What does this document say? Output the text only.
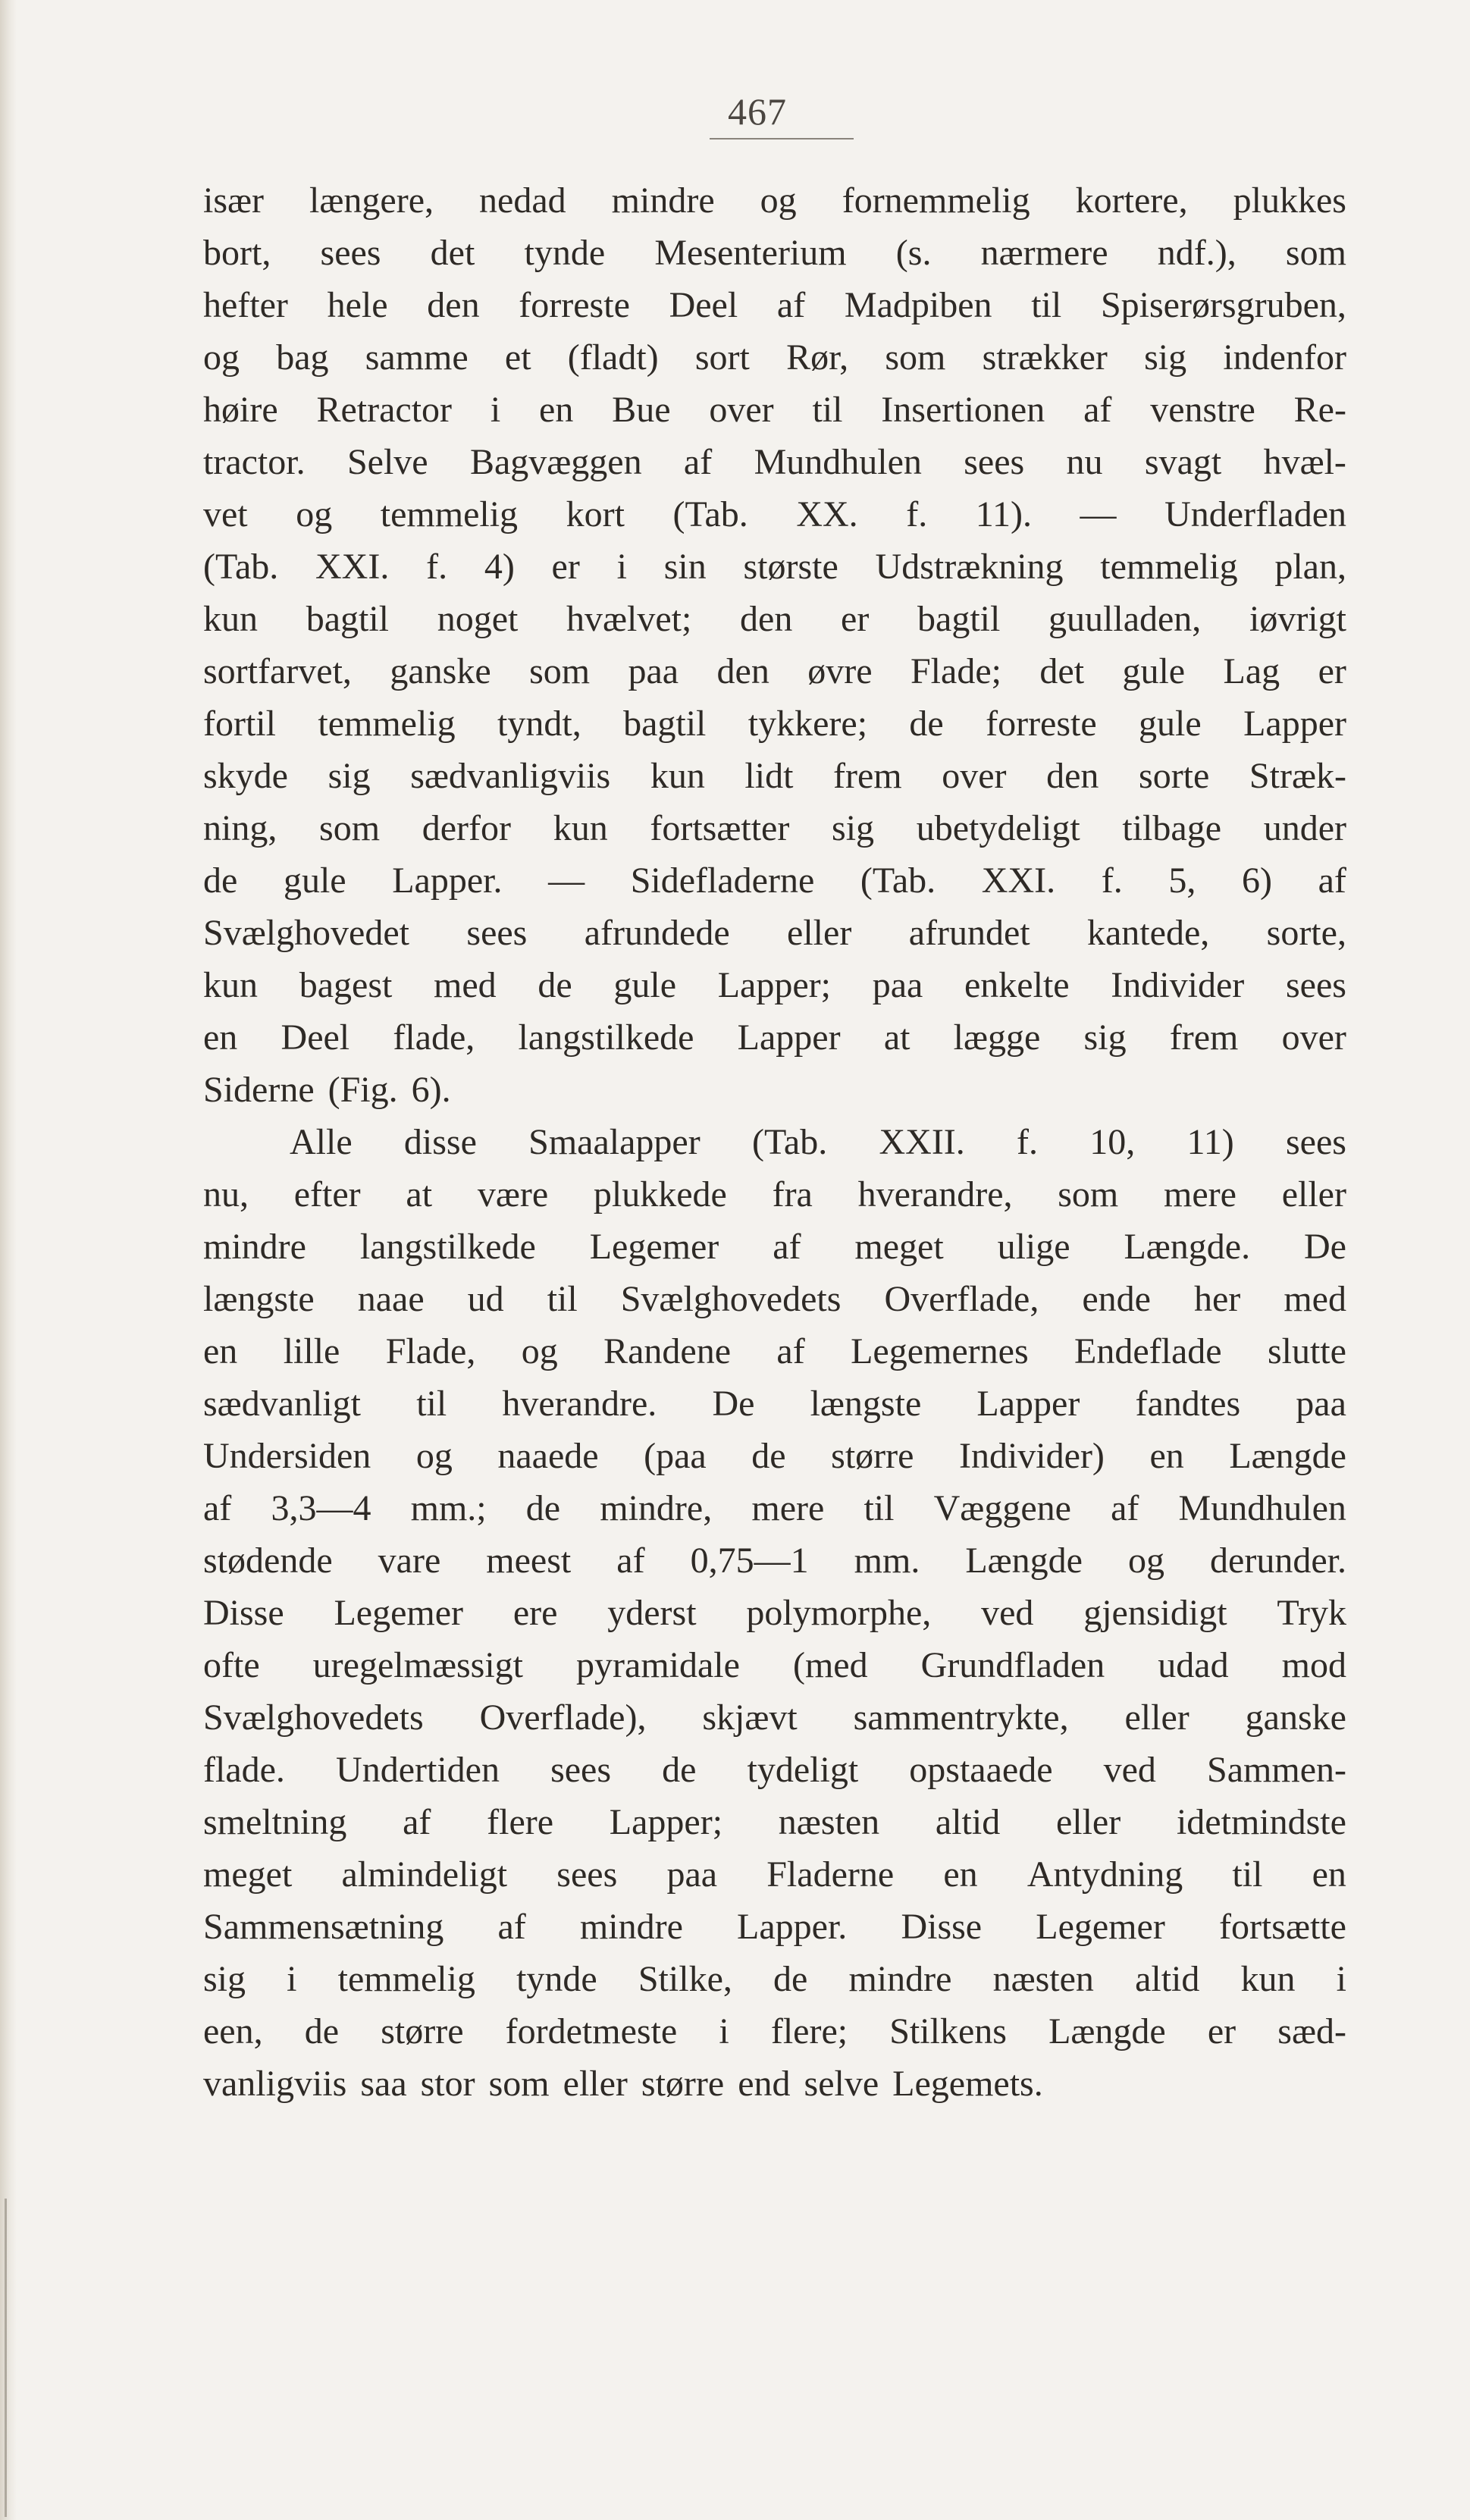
467
især længere, nedad mindre og fornemmelig kortere, plukkes
bort, sees det tynde Mesenterium (s. nærmere ndf.), som
hefter hele den forreste Deel af Madpiben til Spiserørsgruben,
og bag samme et (fladt) sort Rør, som strækker sig indenfor
høire Retractor i en Bue over til Insertionen af venstre Re-
tractor. Selve Bagvæggen af Mundhulen sees nu svagt hvæl-
vet og temmelig kort (Tab. XX. f. 11). — Underfladen
(Tab. XXI. f. 4) er i sin største Udstrækning temmelig plan,
kun bagtil noget hvælvet; den er bagtil guulladen, iøvrigt
sortfarvet, ganske som paa den øvre Flade; det gule Lag er
fortil temmelig tyndt, bagtil tykkere; de forreste gule Lapper
skyde sig sædvanligviis kun lidt frem over den sorte Stræk-
ning, som derfor kun fortsætter sig ubetydeligt tilbage under
de gule Lapper. — Sidefladerne (Tab. XXI. f. 5, 6) af
Svælghovedet sees afrundede eller afrundet kantede, sorte,
kun bagest med de gule Lapper; paa enkelte Individer sees
en Deel flade, langstilkede Lapper at lægge sig frem over
Siderne (Fig. 6).
Alle disse Smaalapper (Tab. XXII. f. 10, 11) sees
nu, efter at være plukkede fra hverandre, som mere eller
mindre langstilkede Legemer af meget ulige Længde. De
længste naae ud til Svælghovedets Overflade, ende her med
en lille Flade, og Randene af Legemernes Endeflade slutte
sædvanligt til hverandre. De længste Lapper fandtes paa
Undersiden og naaede (paa de større Individer) en Længde
af 3,3—4 mm.; de mindre, mere til Væggene af Mundhulen
stødende vare meest af 0,75—1 mm. Længde og derunder.
Disse Legemer ere yderst polymorphe, ved gjensidigt Tryk
ofte uregelmæssigt pyramidale (med Grundfladen udad mod
Svælghovedets Overflade), skjævt sammentrykte, eller ganske
flade. Undertiden sees de tydeligt opstaaede ved Sammen-
smeltning af flere Lapper; næsten altid eller idetmindste
meget almindeligt sees paa Fladerne en Antydning til en
Sammensætning af mindre Lapper. Disse Legemer fortsætte
sig i temmelig tynde Stilke, de mindre næsten altid kun i
een, de større fordetmeste i flere; Stilkens Længde er sæd-
vanligviis saa stor som eller større end selve Legemets.
